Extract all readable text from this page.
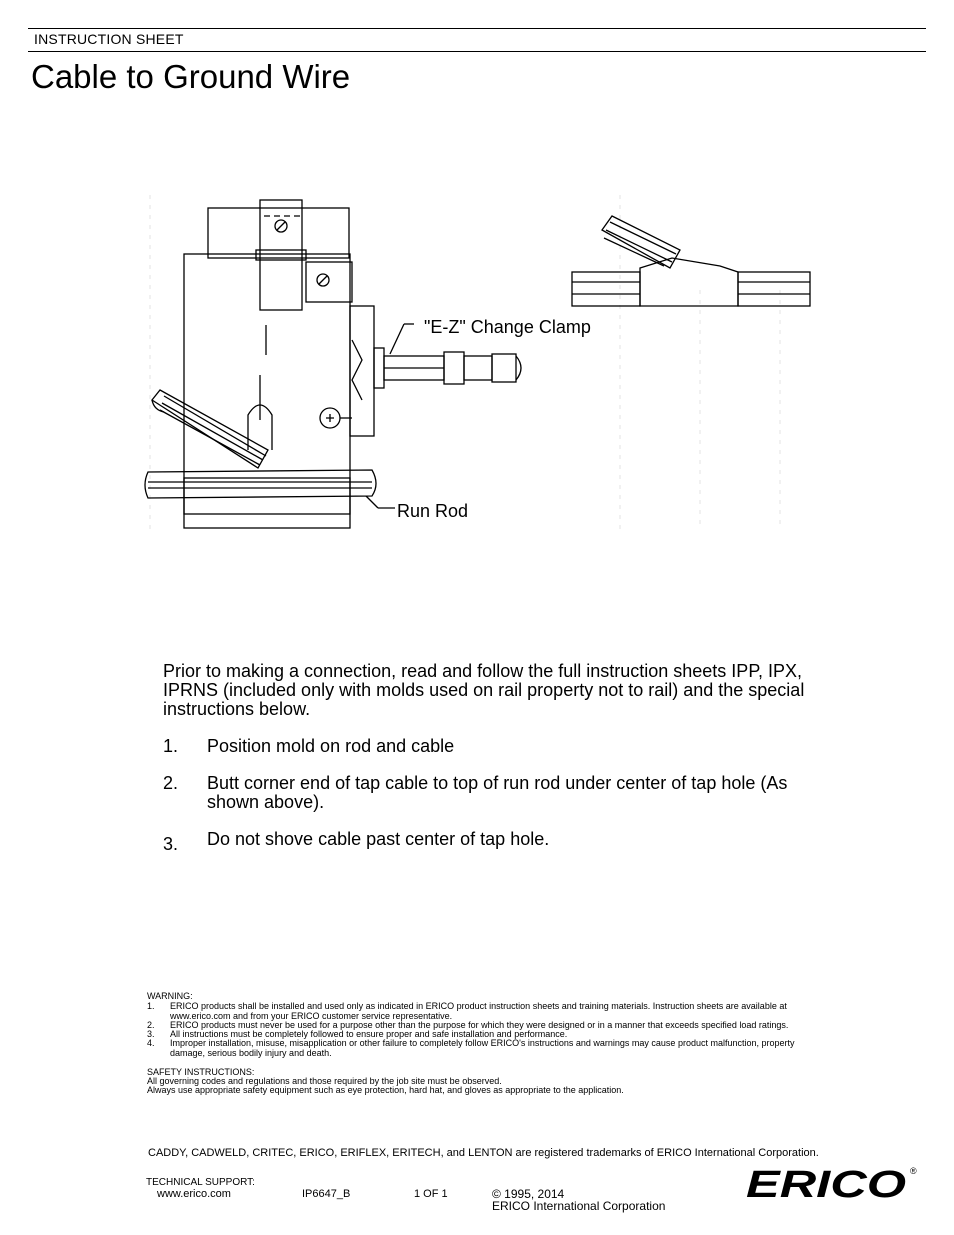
INSTRUCTION SHEET
Cable to Ground Wire
"E-Z" Change Clamp
Run Rod
Prior to making a connection, read and follow the full instruction sheets IPP, IPX,
IPRNS (included only with molds used on rail property not to rail) and the special
instructions below.
1. Position mold on rod and cable
2. Butt corner end of tap cable to top of run rod under center of tap hole (As
shown above).
3. Do not shove cable past center of tap hole.
WARNING:
1. ERICO products shall be installed and used only as indicated in ERICO product instruction sheets and training materials. Instruction sheets are available at
www.erico.com and from your ERICO customer service representative.
2. ERICO products must never be used for a purpose other than the purpose for which they were designed or in a manner that exceeds specified load ratings.
3. All instructions must be completely followed to ensure proper and safe installation and performance.
4. Improper installation, misuse, misapplication or other failure to completely follow ERICO's instructions and warnings may cause product malfunction, property
damage, serious bodily injury and death.
SAFETY INSTRUCTIONS:
All governing codes and regulations and those required by the job site must be observed.
Always use appropriate safety equipment such as eye protection, hard hat, and gloves as appropriate to the application.
CADDY, CADWELD, CRITEC, ERICO, ERIFLEX, ERITECH, and LENTON are registered trademarks of ERICO International Corporation.
TECHNICAL SUPPORT:
www.erico.com	IP6647_B	1 OF 1	© 1995, 2014
ERICO International Corporation ERICO ®
